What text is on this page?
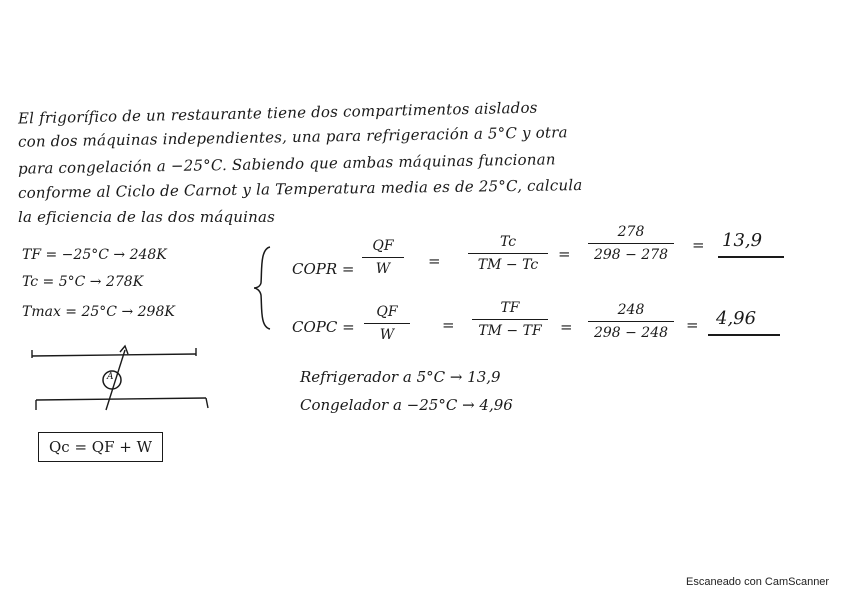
El frigorífico de un restaurante tiene dos compartimentos aislados
con dos máquinas independientes, una para refrigeración a 5°C y otra
para congelación a −25°C. Sabiendo que ambas máquinas funcionan
conforme al Ciclo de Carnot y la Temperatura media es de 25°C, calcula
la eficiencia de las dos máquinas
TF = −25°C → 248K
Tc = 5°C → 278K
Tmax = 25°C → 298K
COPR =
QF
W	=
Tc
TM − Tc
=
278
298 − 278
= 13,9
COPC =
QF
W
=
TF
TM − TF =
248
298 − 248 = 4,96
A
Qc = QF + W
Refrigerador a 5°C → 13,9
Congelador a −25°C → 4,96
Escaneado con CamScanner
